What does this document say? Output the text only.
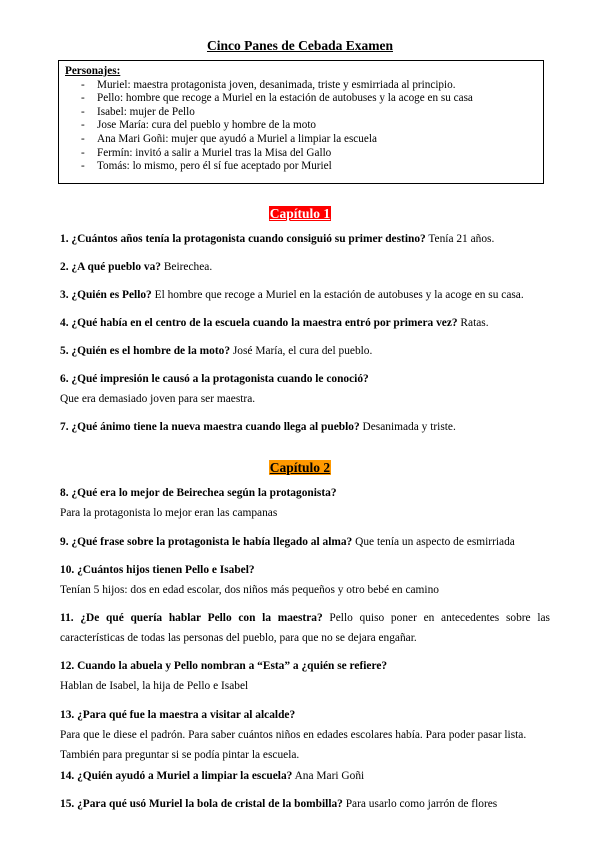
Cinco Panes de Cebada Examen
Personajes:
- Muriel: maestra protagonista joven, desanimada, triste y esmirriada al principio.
- Pello: hombre que recoge a Muriel en la estación de autobuses y la acoge en su casa
- Isabel: mujer de Pello
- Jose María: cura del pueblo y hombre de la moto
- Ana Mari Goñi: mujer que ayudó a Muriel a limpiar la escuela
- Fermín: invitó a salir a Muriel tras la Misa del Gallo
- Tomás: lo mismo, pero él sí fue aceptado por Muriel
Capítulo 1
1. ¿Cuántos años tenía la protagonista cuando consiguió su primer destino? Tenía 21 años.
2. ¿A qué pueblo va? Beirechea.
3. ¿Quién es Pello? El hombre que recoge a Muriel en la estación de autobuses y la acoge en su casa.
4. ¿Qué había en el centro de la escuela cuando la maestra entró por primera vez? Ratas.
5. ¿Quién es el hombre de la moto? José María, el cura del pueblo.
6. ¿Qué impresión le causó a la protagonista cuando le conoció?
Que era demasiado joven para ser maestra.
7. ¿Qué ánimo tiene la nueva maestra cuando llega al pueblo? Desanimada y triste.
Capítulo 2
8. ¿Qué era lo mejor de Beirechea según la protagonista?
Para la protagonista lo mejor eran las campanas
9. ¿Qué frase sobre la protagonista le había llegado al alma? Que tenía un aspecto de esmirriada
10. ¿Cuántos hijos tienen Pello e Isabel?
Tenían 5 hijos: dos en edad escolar, dos niños más pequeños y otro bebé en camino
11. ¿De qué quería hablar Pello con la maestra? Pello quiso poner en antecedentes sobre las características de todas las personas del pueblo, para que no se dejara engañar.
12. Cuando la abuela y Pello nombran a “Esta” a ¿quién se refiere?
Hablan de Isabel, la hija de Pello e Isabel
13. ¿Para qué fue la maestra a visitar al alcalde?
Para que le diese el padrón. Para saber cuántos niños en edades escolares había. Para poder pasar lista. También para preguntar si se podía pintar la escuela.
14. ¿Quién ayudó a Muriel a limpiar la escuela? Ana Mari Goñi
15. ¿Para qué usó Muriel la bola de cristal de la bombilla? Para usarlo como jarrón de flores
